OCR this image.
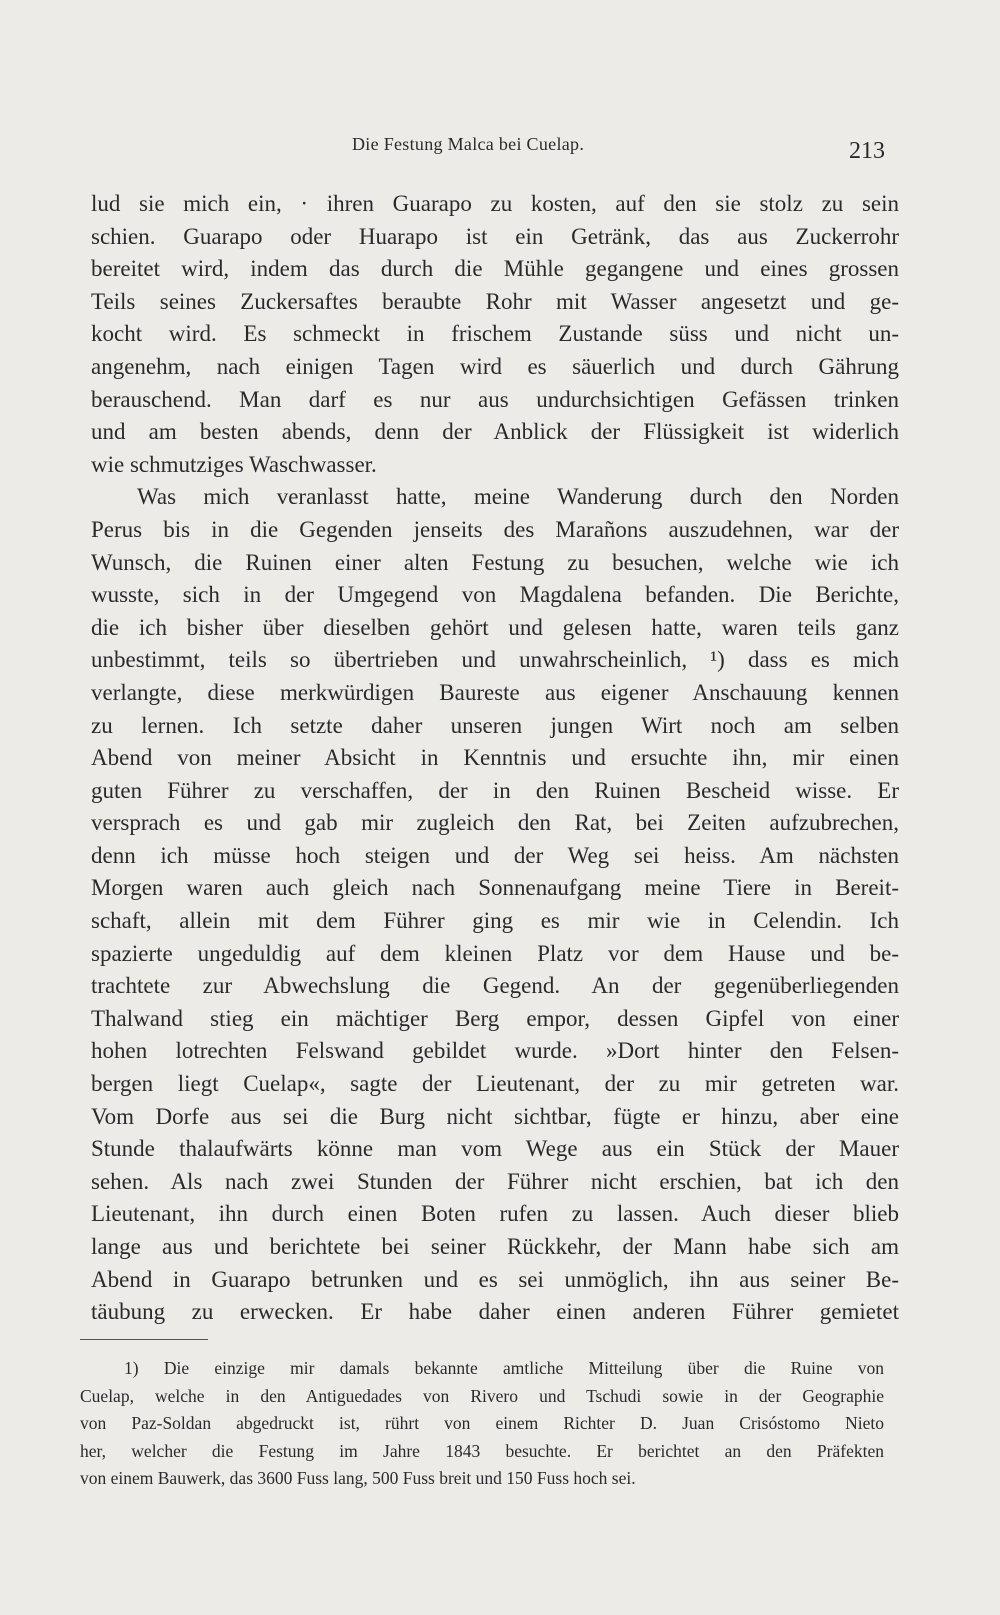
Die Festung Malca bei Cuelap.	213
lud sie mich ein, · ihren Guarapo zu kosten, auf den sie stolz zu sein
schien. Guarapo oder Huarapo ist ein Getränk, das aus Zuckerrohr
bereitet wird, indem das durch die Mühle gegangene und eines grossen
Teils seines Zuckersaftes beraubte Rohr mit Wasser angesetzt und ge-
kocht wird. Es schmeckt in frischem Zustande süss und nicht un-
angenehm, nach einigen Tagen wird es säuerlich und durch Gährung
berauschend. Man darf es nur aus undurchsichtigen Gefässen trinken
und am besten abends, denn der Anblick der Flüssigkeit ist widerlich
wie schmutziges Waschwasser.
Was mich veranlasst hatte, meine Wanderung durch den Norden
Perus bis in die Gegenden jenseits des Marañons auszudehnen, war der
Wunsch, die Ruinen einer alten Festung zu besuchen, welche wie ich
wusste, sich in der Umgegend von Magdalena befanden. Die Berichte,
die ich bisher über dieselben gehört und gelesen hatte, waren teils ganz
unbestimmt, teils so übertrieben und unwahrscheinlich, ¹) dass es mich
verlangte, diese merkwürdigen Baureste aus eigener Anschauung kennen
zu lernen. Ich setzte daher unseren jungen Wirt noch am selben
Abend von meiner Absicht in Kenntnis und ersuchte ihn, mir einen
guten Führer zu verschaffen, der in den Ruinen Bescheid wisse. Er
versprach es und gab mir zugleich den Rat, bei Zeiten aufzubrechen,
denn ich müsse hoch steigen und der Weg sei heiss. Am nächsten
Morgen waren auch gleich nach Sonnenaufgang meine Tiere in Bereit-
schaft, allein mit dem Führer ging es mir wie in Celendin. Ich
spazierte ungeduldig auf dem kleinen Platz vor dem Hause und be-
trachtete zur Abwechslung die Gegend. An der gegenüberliegenden
Thalwand stieg ein mächtiger Berg empor, dessen Gipfel von einer
hohen lotrechten Felswand gebildet wurde. »Dort hinter den Felsen-
bergen liegt Cuelap«, sagte der Lieutenant, der zu mir getreten war.
Vom Dorfe aus sei die Burg nicht sichtbar, fügte er hinzu, aber eine
Stunde thalaufwärts könne man vom Wege aus ein Stück der Mauer
sehen. Als nach zwei Stunden der Führer nicht erschien, bat ich den
Lieutenant, ihn durch einen Boten rufen zu lassen. Auch dieser blieb
lange aus und berichtete bei seiner Rückkehr, der Mann habe sich am
Abend in Guarapo betrunken und es sei unmöglich, ihn aus seiner Be-
täubung zu erwecken. Er habe daher einen anderen Führer gemietet
1) Die einzige mir damals bekannte amtliche Mitteilung über die Ruine von
Cuelap, welche in den Antiguedades von Rivero und Tschudi sowie in der Geographie
von Paz-Soldan abgedruckt ist, rührt von einem Richter D. Juan Crisóstomo Nieto
her, welcher die Festung im Jahre 1843 besuchte. Er berichtet an den Präfekten
von einem Bauwerk, das 3600 Fuss lang, 500 Fuss breit und 150 Fuss hoch sei.
